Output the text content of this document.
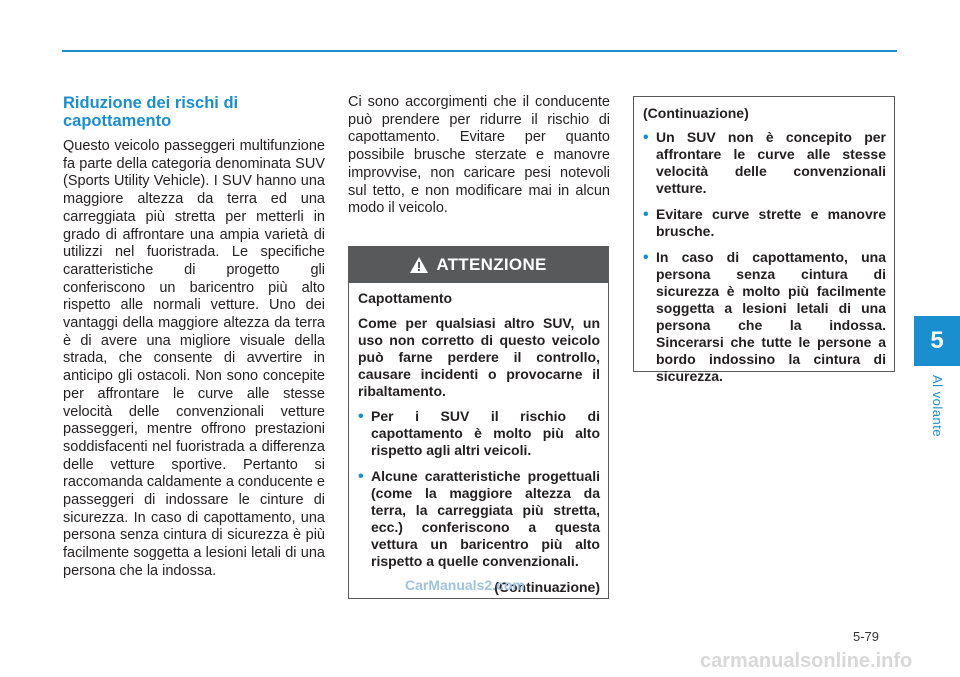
5
Al volante
Riduzione dei rischi di capottamento

Questo veicolo passeggeri multifunzione fa parte della categoria denominata SUV (Sports Utility Vehicle). I SUV hanno una maggiore altezza da terra ed una carreggiata più stretta per metterli in grado di affrontare una ampia varietà di utilizzi nel fuoristrada. Le specifiche caratteristiche di progetto gli conferiscono un baricentro più alto rispetto alle normali vetture. Uno dei vantaggi della maggiore altezza da terra è di avere una migliore visuale della strada, che consente di avvertire in anticipo gli ostacoli. Non sono concepite per affrontare le curve alle stesse velocità delle convenzionali vetture passeggeri, mentre offrono prestazioni soddisfacenti nel fuoristrada a differenza delle vetture sportive. Pertanto si raccomanda caldamente a conducente e passeggeri di indossare le cinture di sicurezza. In caso di capottamento, una persona senza cintura di sicurezza è più facilmente soggetta a lesioni letali di una persona che la indossa.

Ci sono accorgimenti che il conducente può prendere per ridurre il rischio di capottamento. Evitare per quanto possibile brusche sterzate e manovre improvvise, non caricare pesi notevoli sul tetto, e non modificare mai in alcun modo il veicolo.

ATTENZIONE

Capottamento

Come per qualsiasi altro SUV, un uso non corretto di questo veicolo può farne perdere il controllo, causare incidenti o provocarne il ribaltamento.

• Per i SUV il rischio di capottamento è molto più alto rispetto agli altri veicoli.
• Alcune caratteristiche progettuali (come la maggiore altezza da terra, la carreggiata più stretta, ecc.) conferiscono a questa vettura un baricentro più alto rispetto a quelle convenzionali.
(Continuazione)

(Continuazione)

• Un SUV non è concepito per affrontare le curve alle stesse velocità delle convenzionali vetture.
• Evitare curve strette e manovre brusche.
• In caso di capottamento, una persona senza cintura di sicurezza è molto più facilmente soggetta a lesioni letali di una persona che la indossa. Sincerarsi che tutte le persone a bordo indossino la cintura di sicurezza.
CarManuals2.com
5-79
carmanualsonline.info
